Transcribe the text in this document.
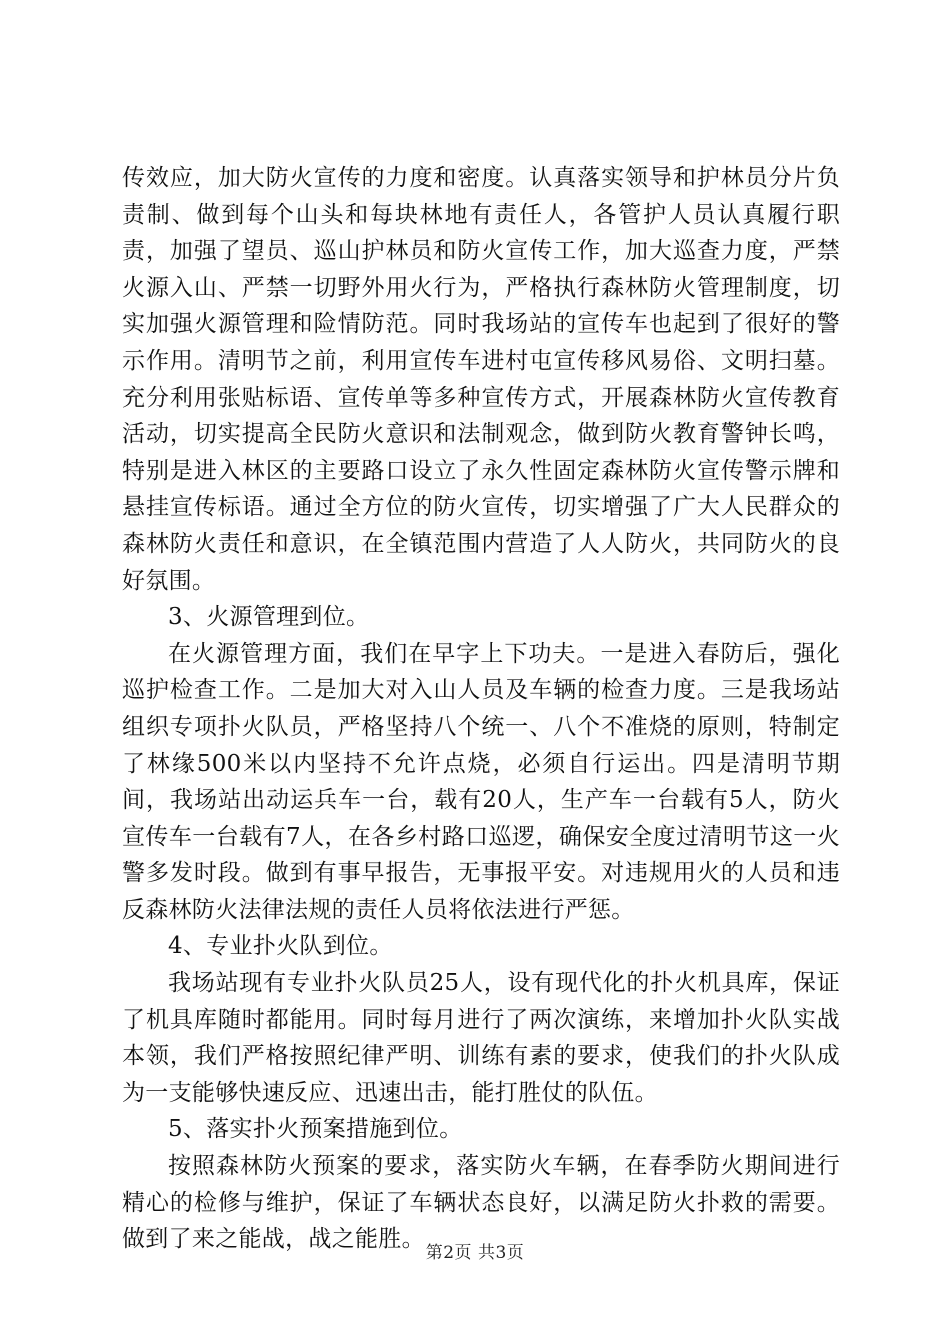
传效应，加大防火宣传的力度和密度。认真落实领导和护林员分片负责制、做到每个山头和每块林地有责任人，各管护人员认真履行职责，加强了望员、巡山护林员和防火宣传工作，加大巡查力度，严禁火源入山、严禁一切野外用火行为，严格执行森林防火管理制度，切实加强火源管理和险情防范。同时我场站的宣传车也起到了很好的警示作用。清明节之前，利用宣传车进村屯宣传移风易俗、文明扫墓。充分利用张贴标语、宣传单等多种宣传方式，开展森林防火宣传教育活动，切实提高全民防火意识和法制观念，做到防火教育警钟长鸣，特别是进入林区的主要路口设立了永久性固定森林防火宣传警示牌和悬挂宣传标语。通过全方位的防火宣传，切实增强了广大人民群众的森林防火责任和意识，在全镇范围内营造了人人防火，共同防火的良好氛围。

3、火源管理到位。

在火源管理方面，我们在早字上下功夫。一是进入春防后，强化巡护检查工作。二是加大对入山人员及车辆的检查力度。三是我场站组织专项扑火队员，严格坚持八个统一、八个不准烧的原则，特制定了林缘500米以内坚持不允许点烧，必须自行运出。四是清明节期间，我场站出动运兵车一台，载有20人，生产车一台载有5人，防火宣传车一台载有7人，在各乡村路口巡逻，确保安全度过清明节这一火警多发时段。做到有事早报告，无事报平安。对违规用火的人员和违反森林防火法律法规的责任人员将依法进行严惩。

4、专业扑火队到位。

我场站现有专业扑火队员25人，设有现代化的扑火机具库，保证了机具库随时都能用。同时每月进行了两次演练，来增加扑火队实战本领，我们严格按照纪律严明、训练有素的要求，使我们的扑火队成为一支能够快速反应、迅速出击，能打胜仗的队伍。

5、落实扑火预案措施到位。

按照森林防火预案的要求，落实防火车辆，在春季防火期间进行精心的检修与维护，保证了车辆状态良好，以满足防火扑救的需要。做到了来之能战，战之能胜。

第2页 共3页
